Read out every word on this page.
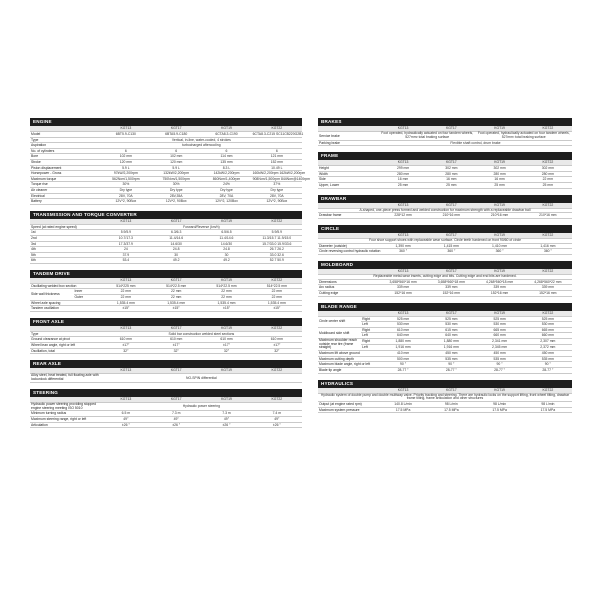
ENGINE
	KGT13	KGT17	KGT19	KGT22
Model	6BT5.9-C130	6BTA5.9-C180	6CTA8.3-C190	6CTA8.3-C215 SC11CB220G2B1
Type	Vertical, in-line, water-cooled, 4 strokes			
Aspiration	turbocharged aftercooling			
No. of cylinders	6	6	6	6
Bore	102 mm	102 mm	114 mm	121 mm
Stroke	120 mm	120 mm	135 mm	152 mm
Piston displacement	5.9 L	5.9 L	8.3 L	10.49 L
Horsepower - Gross	97kW/2,200rpm	132kW/2,200rpm	142kW/2,200rpm	160kW/2,200rpm 162kW/2,200rpm
Maximum torque	562N•m/1,500rpm	750N•m/1,500rpm	860N•m/1,400rpm	908N•m/1,500rpm 844N•m@1400rpm
Torque rise	30%	30%	24%	37%
Air cleaner	Dry type	Dry type	Dry type	Dry type
Electrical	28V, 70A	28V,35A	28V, 70A	28V, 70A
Battery	12V*2, 90Box	12V*2, 90Box	12V*2, 120Box	12V*2, 90Box
TRANSMISSION AND TORQUE CONVERTER
	KGT13	KGT17	KGT19	KGT22
Speed (at rated engine speed)	Forward/Reverse (km/h)			
1st	5.9/5.9	6.3/6.3	6.5/6.5	5.9/5.9
2nd	10.7/17.3	11.4/14.6	11.4/14.6	11.3/15.7 11.9/15.0
3rd	17.3/37.9	14.6/30	14.6/30	15.7/33.0 15.9/33.6
4th	24	24.8	24.8	26.7 26.2
5th	37.9	30	30	33.0 32.6
6th	53.4	49.2	49.2	52.7 50.9
TANDEM DRIVE
		KGT13	KGT17	KGT19	KGT22
Oscillating welded box section		514*225 mm	514*22.5 mm	514*22.5 mm	514*22.5 mm
Side wall thickness	Inner	22 mm	22 mm	22 mm	22 mm
	Outer	22 mm	22 mm	22 mm	22 mm
Wheel axle spacing		1,535.4 mm	1,535.4 mm	1,535.4 mm	1,535.4 mm
Tandem oscillation		±15°	±15°	±15°	±15°
FRONT AXLE
	KGT13	KGT17	KGT19	KGT22
Type	Solid bar construction welded steel sections			
Ground clearance at pivot	610 mm	610 mm	610 mm	610 mm
Wheel lean angle, right or left	±17°	±17°	±17°	±17°
Oscillation, total	32°	32°	32°	32°
REAR AXLE
	KGT13	KGT17	KGT19	KGT22
Alloy steel, heat treated, full floating axle with lockunlock differential	NO-SPIN differential			
STEERING
	KGT13	KGT17	KGT19	KGT22
Hydraulic power steering providing stopped engine steering meeting ISO 5010	Hydraulic power steering			
Minimum turning radius	6.5 m	7.3 m	7.3 m	7.4 m
Maximum steering range, right or left	49°	49°	49°	49°
Articulation	±26 °	±26 °	±26 °	±26 °
BRAKES
	KGT13	KGT17	KGT19	KGT22
Service brake	Foot operated, hydraulically actuated on four tandem wheels, 527mm² total braking surface		Foot operated, hydraulically actuated on four tandem wheels, 527mm² total braking surface	
Parking brake	Flexible shaft control, drum brake			
FRAME
	KGT13	KGT17	KGT19	KGT22
Height	299 mm	302 mm	302 mm	302 mm
Width	280 mm	280 mm	280 mm	280 mm
Side	16 mm	16 mm	16 mm	22 mm
Upper, Lower	25 mm	25 mm	25 mm	25 mm
DRAWBAR
	KGT13	KGT17	KGT19	KGT22
A-shaped, one-piece press formed and welded construction for maximum strength with a replaceable drawbar ball				
Drawbar frame	228*12 mm	210*16 mm	210*16 mm	210*16 mm
CIRCLE
	KGT13	KGT17	KGT19	KGT22
Four shoe support shoes with replaceable wear surface. Circle teeth hardened on front 90/60 of circle				
Diameter (outside)	1,390 mm	1,415 mm	1,410 mm	1,416 mm
Circle reversing control hydraulic rotation	360 °	360 °	360 °	360 °
MOLDBOARD
	KGT13	KGT17	KGT19	KGT22
Replaceable metal-wear inserts, cutting edge and bits. Cutting edge and end bits are hardened.				
Dimensions	3,658*560*16 mm	3,658*560*18 mm	4,268*560*18 mm	4,268*560*22 mm
Arc radius	339 mm	339 mm	339 mm	339 mm
Cutting edge	152*16 mm	152*16 mm	152*16 mm	152*16 mm
BLADE RANGE
		KGT13	KGT17	KGT19	KGT22
Circle center shift	Right	525 mm	525 mm	525 mm	525 mm
	Left	530 mm	530 mm	530 mm	530 mm
Moldboard side shift	Right	610 mm	615 mm	665 mm	665 mm
	Left	640 mm	640 mm	660 mm	660 mm
Maximum shoulder reach outside rear tire (frame straight)	Right	1,880 mm	1,880 mm	2,341 mm	2,307 mm
	Left	1,916 mm	1,916 mm	2,345 mm	2,372 mm
Maximum lift above ground		410 mm	450 mm	450 mm	450 mm
Maximum cutting depth		500 mm	535 mm	535 mm	535 mm
Maximum blade angle, right or left		90 °	90 °	90 °	90 °
Blade tip angle		28-77 °	28-77 °	28-77 °	28-77 °
HYDRAULICS
	KGT13	KGT17	KGT19	KGT22
Hydraulic system of double pump and double multiway valve. Priority tracking and steering. There are hydraulic locks on the support lifting, front wheel tilting, drawbar frame tilting, frame articulation and other structures				
Output (at engine rated rpm)	140.8 L/min	98 L/min	98 L/min	98 L/min
Maximum system pressure	17.5 MPa	17.5 MPa	17.5 MPa	17.5 MPa
